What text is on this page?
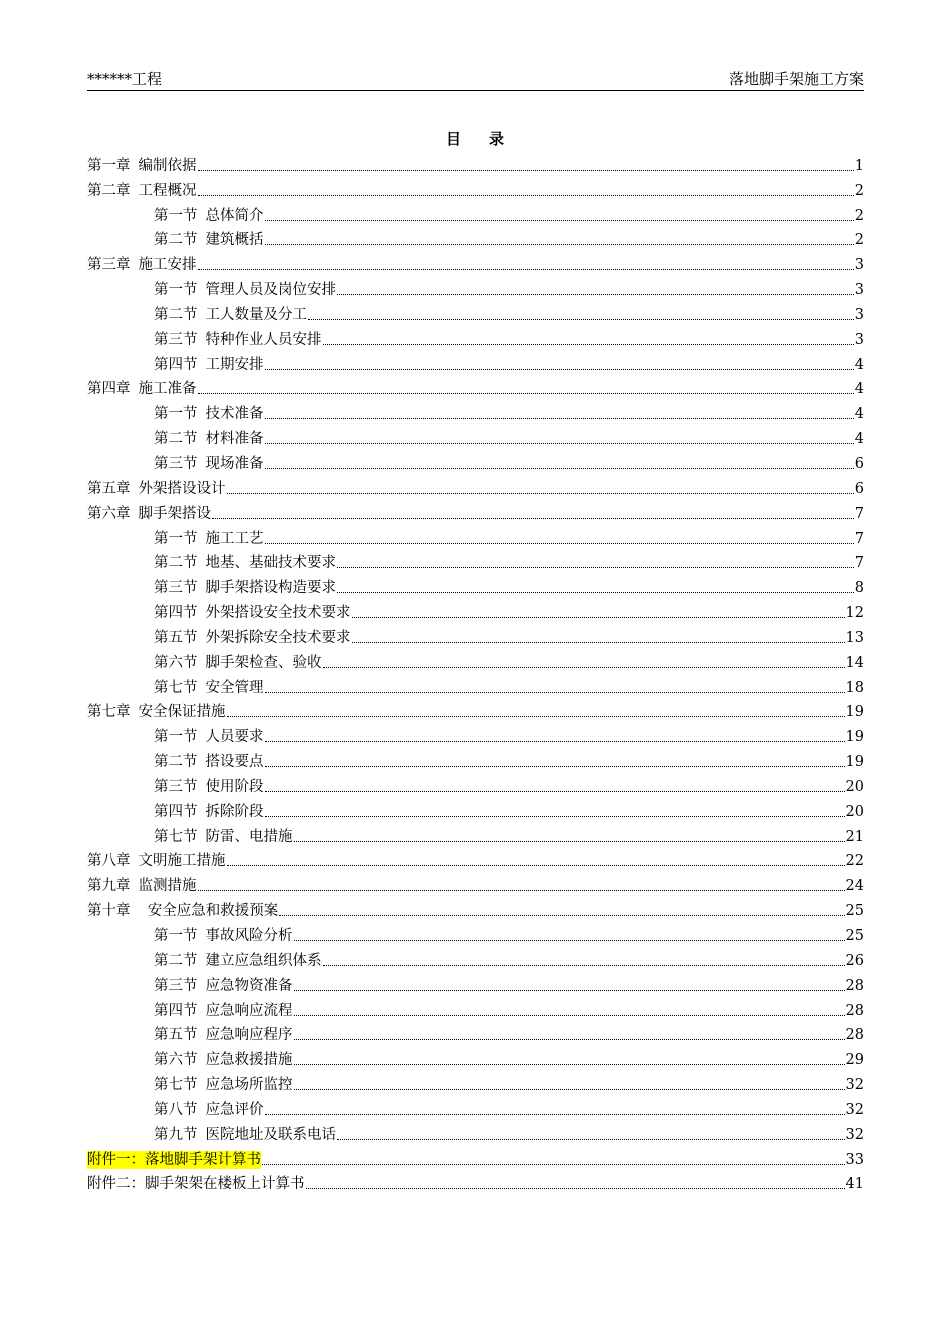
******工程	落地脚手架施工方案
目 录
第一章 编制依据	1
第二章 工程概况	2
第一节 总体简介	2
第二节 建筑概括	2
第三章 施工安排	3
第一节 管理人员及岗位安排	3
第二节 工人数量及分工	3
第三节 特种作业人员安排	3
第四节 工期安排	4
第四章 施工准备	4
第一节 技术准备	4
第二节 材料准备	4
第三节 现场准备	6
第五章 外架搭设设计	6
第六章 脚手架搭设	7
第一节 施工工艺	7
第二节 地基、基础技术要求	7
第三节 脚手架搭设构造要求	8
第四节 外架搭设安全技术要求	12
第五节 外架拆除安全技术要求	13
第六节 脚手架检查、验收	14
第七节 安全管理	18
第七章 安全保证措施	19
第一节 人员要求	19
第二节 搭设要点	19
第三节 使用阶段	20
第四节 拆除阶段	20
第七节 防雷、电措施	21
第八章 文明施工措施	22
第九章 监测措施	24
第十章  安全应急和救援预案	25
第一节 事故风险分析	25
第二节 建立应急组织体系	26
第三节 应急物资准备	28
第四节 应急响应流程	28
第五节 应急响应程序	28
第六节 应急救援措施	29
第七节 应急场所监控	32
第八节 应急评价	32
第九节 医院地址及联系电话	32
附件一：落地脚手架计算书	33
附件二：脚手架架在楼板上计算书	41
